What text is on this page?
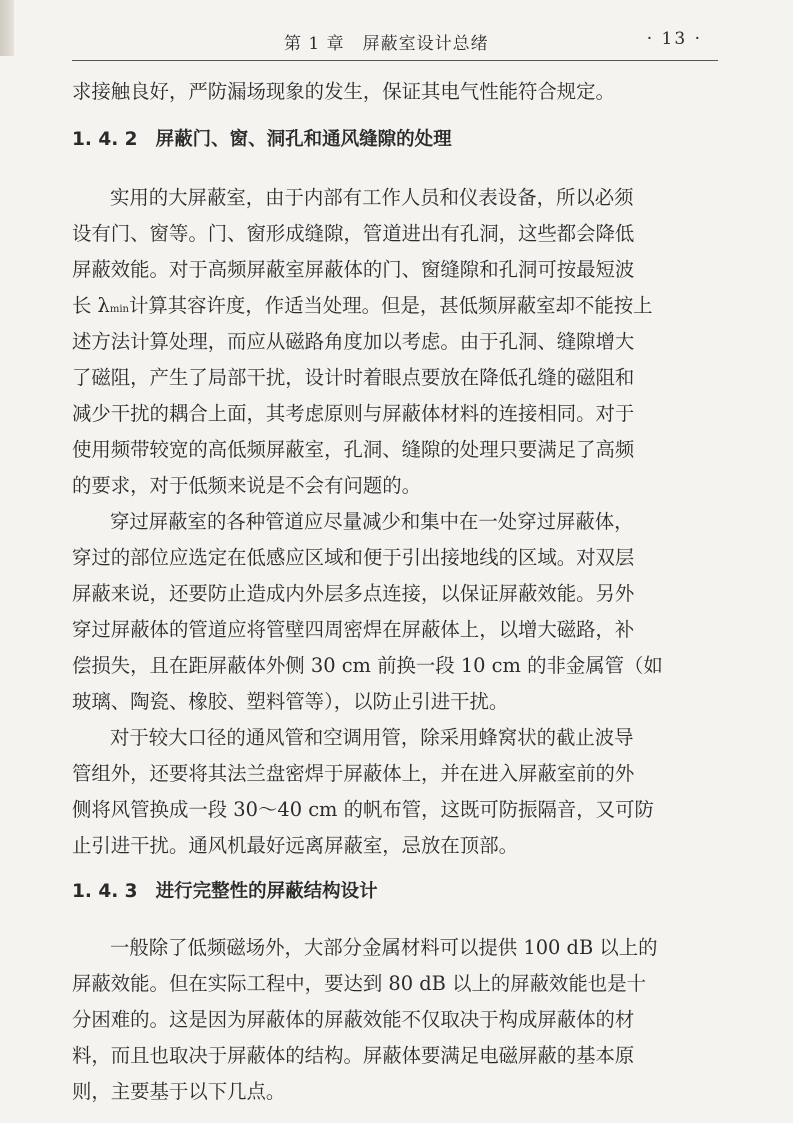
第 1 章　屏蔽室设计总绪	· 13 ·
求接触良好，严防漏场现象的发生，保证其电气性能符合规定。
1. 4. 2 屏蔽门、窗、洞孔和通风缝隙的处理
实用的大屏蔽室，由于内部有工作人员和仪表设备，所以必须
设有门、窗等。门、窗形成缝隙，管道进出有孔洞，这些都会降低
屏蔽效能。对于高频屏蔽室屏蔽体的门、窗缝隙和孔洞可按最短波
长 λmin计算其容许度，作适当处理。但是，甚低频屏蔽室却不能按上
述方法计算处理，而应从磁路角度加以考虑。由于孔洞、缝隙增大
了磁阻，产生了局部干扰，设计时着眼点要放在降低孔缝的磁阻和
减少干扰的耦合上面，其考虑原则与屏蔽体材料的连接相同。对于
使用频带较宽的高低频屏蔽室，孔洞、缝隙的处理只要满足了高频
的要求，对于低频来说是不会有问题的。
穿过屏蔽室的各种管道应尽量减少和集中在一处穿过屏蔽体，
穿过的部位应选定在低感应区域和便于引出接地线的区域。对双层
屏蔽来说，还要防止造成内外层多点连接，以保证屏蔽效能。另外
穿过屏蔽体的管道应将管壁四周密焊在屏蔽体上，以增大磁路，补
偿损失，且在距屏蔽体外侧 30 cm 前换一段 10 cm 的非金属管（如
玻璃、陶瓷、橡胶、塑料管等），以防止引进干扰。
对于较大口径的通风管和空调用管，除采用蜂窝状的截止波导
管组外，还要将其法兰盘密焊于屏蔽体上，并在进入屏蔽室前的外
侧将风管换成一段 30～40 cm 的帆布管，这既可防振隔音，又可防
止引进干扰。通风机最好远离屏蔽室，忌放在顶部。
1. 4. 3 进行完整性的屏蔽结构设计
一般除了低频磁场外，大部分金属材料可以提供 100 dB 以上的
屏蔽效能。但在实际工程中，要达到 80 dB 以上的屏蔽效能也是十
分困难的。这是因为屏蔽体的屏蔽效能不仅取决于构成屏蔽体的材
料，而且也取决于屏蔽体的结构。屏蔽体要满足电磁屏蔽的基本原
则，主要基于以下几点。
